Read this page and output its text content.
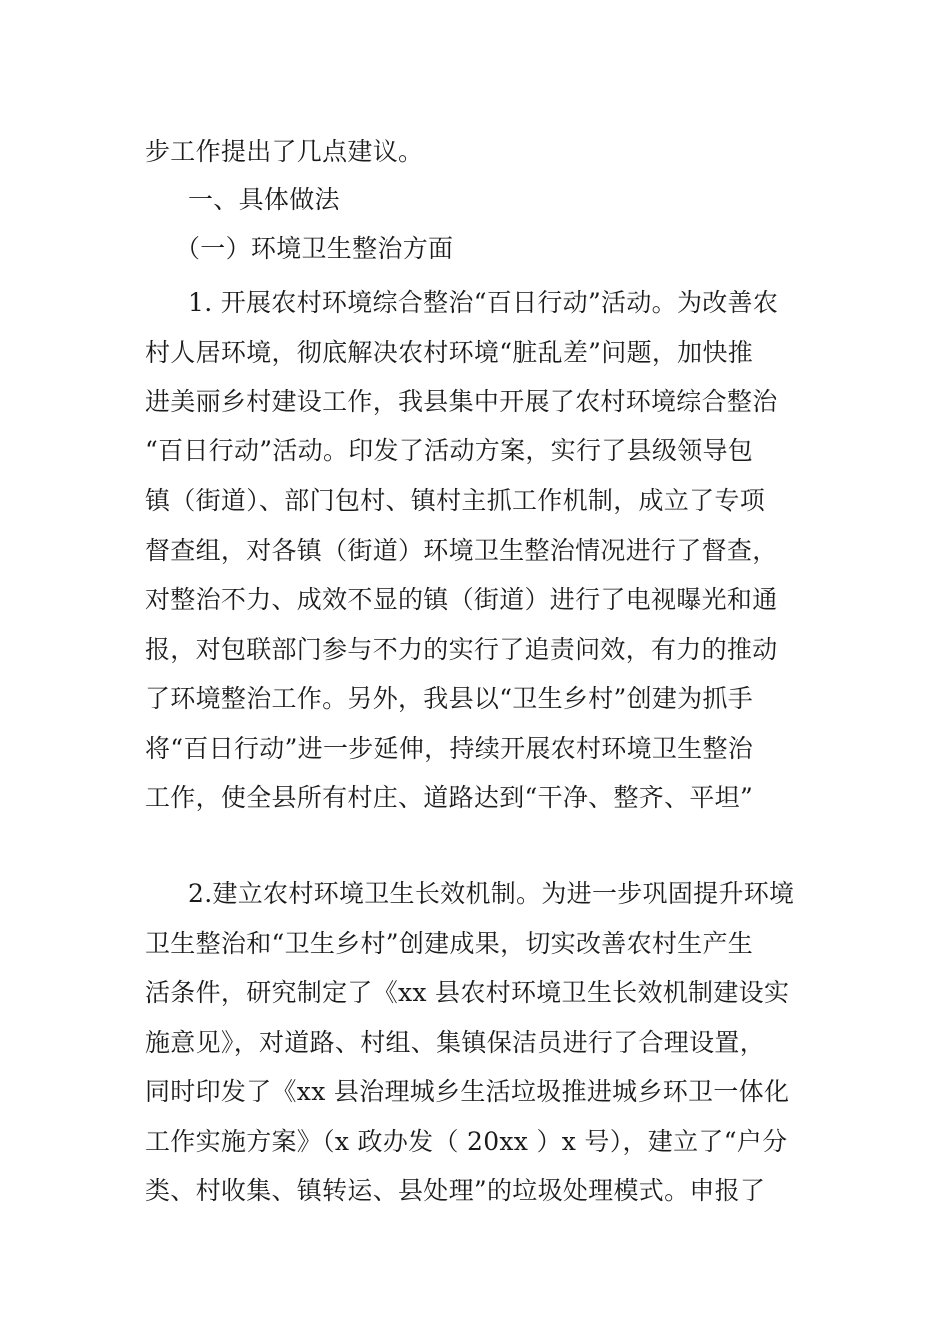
步工作提出了几点建议。
一、具体做法
（一）环境卫生整治方面
1. 开展农村环境综合整治“百日行动”活动。为改善农
村人居环境，彻底解决农村环境“脏乱差”问题，加快推
进美丽乡村建设工作，我县集中开展了农村环境综合整治
“百日行动”活动。印发了活动方案，实行了县级领导包
镇（街道）、部门包村、镇村主抓工作机制，成立了专项
督查组，对各镇（街道）环境卫生整治情况进行了督查，
对整治不力、成效不显的镇（街道）进行了电视曝光和通
报，对包联部门参与不力的实行了追责问效，有力的推动
了环境整治工作。另外，我县以“卫生乡村”创建为抓手
将“百日行动”进一步延伸，持续开展农村环境卫生整治
工作，使全县所有村庄、道路达到“干净、整齐、平坦”
2.建立农村环境卫生长效机制。为进一步巩固提升环境
卫生整治和“卫生乡村”创建成果，切实改善农村生产生
活条件，研究制定了《xx 县农村环境卫生长效机制建设实
施意见》，对道路、村组、集镇保洁员进行了合理设置，
同时印发了《xx 县治理城乡生活垃圾推进城乡环卫一体化
工作实施方案》（x 政办发（ 20xx ）x 号），建立了“户分
类、村收集、镇转运、县处理”的垃圾处理模式。申报了
